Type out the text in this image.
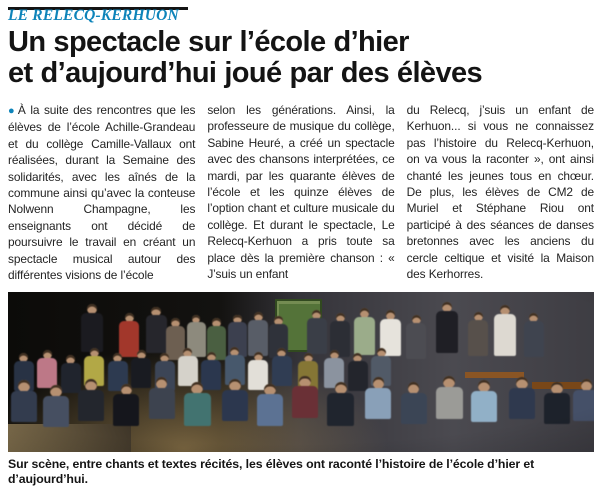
LE RELECQ-KERHUON
Un spectacle sur l’école d’hier
et d’aujourd’hui joué par des élèves
● À la suite des rencontres que les élèves de l’école Achille-Grandeau et du collège Camille-Vallaux ont réalisées, durant la Semaine des solidarités, avec les aînés de la commune ainsi qu’avec la conteuse Nolwenn Champagne, les enseignants ont décidé de poursuivre le travail en créant un spectacle musical autour des différentes visions de l’école
selon les générations. Ainsi, la professeure de musique du collège, Sabine Heuré, a créé un spectacle avec des chansons interprétées, ce mardi, par les quarante élèves de l’école et les quinze élèves de l’option chant et culture musicale du collège. Et durant le spectacle, Le Relecq-Kerhuon a pris toute sa place dès la première chanson : « J’suis un enfant
du Relecq, j’suis un enfant de Kerhuon... si vous ne connaissez pas l’histoire du Relecq-Kerhuon, on va vous la raconter », ont ainsi chanté les jeunes tous en chœur. De plus, les élèves de CM2 de Muriel et Stéphane Riou ont participé à des séances de danses bretonnes avec les anciens du cercle celtique et visité la Maison des Kerhorres.
Sur scène, entre chants et textes récités, les élèves ont raconté l’histoire de l’école d’hier et d’aujourd’hui.
